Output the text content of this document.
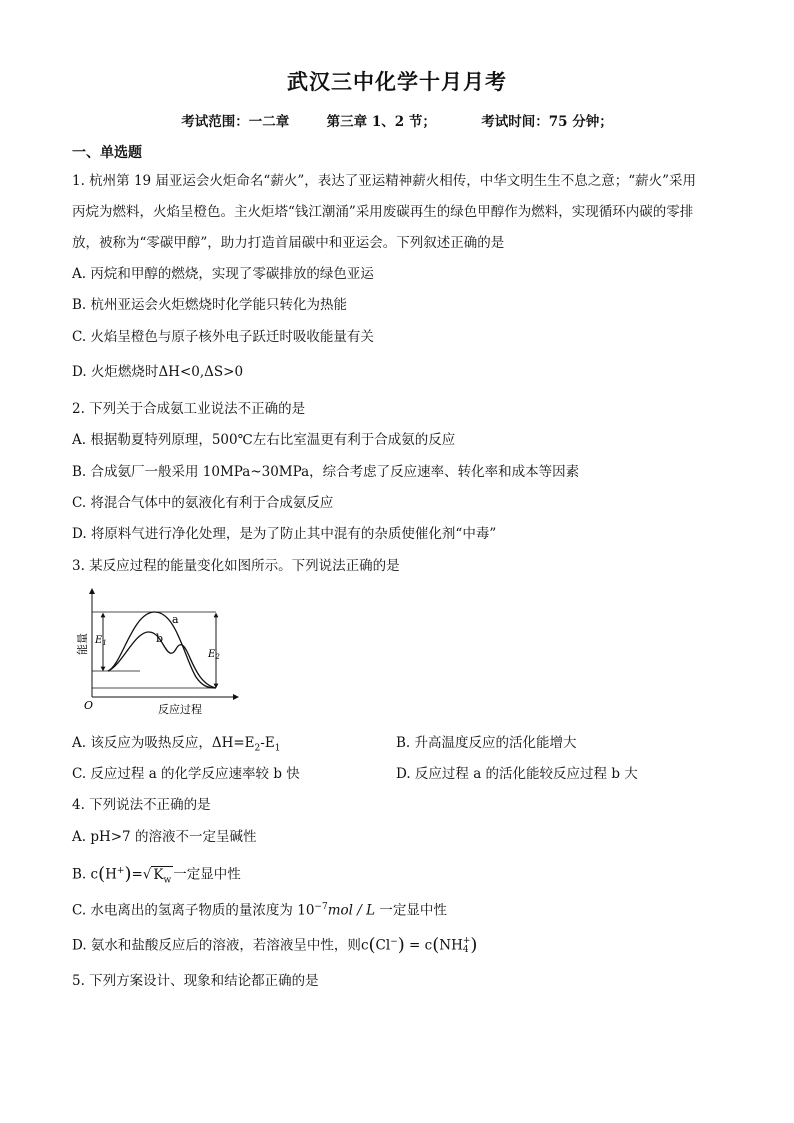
武汉三中化学十月月考
考试范围：一二章	第三章 1、2 节；	考试时间：75 分钟；
一、单选题
1. 杭州第 19 届亚运会火炬命名“薪火”，表达了亚运精神薪火相传，中华文明生生不息之意；“薪火”采用
丙烷为燃料，火焰呈橙色。主火炬塔“钱江潮涌”采用废碳再生的绿色甲醇作为燃料，实现循环内碳的零排
放，被称为“零碳甲醇”，助力打造首届碳中和亚运会。下列叙述正确的是
A. 丙烷和甲醇的燃烧，实现了零碳排放的绿色亚运
B. 杭州亚运会火炬燃烧时化学能只转化为热能
C. 火焰呈橙色与原子核外电子跃迁时吸收能量有关
D. 火炬燃烧时ΔH<0,ΔS>0
2. 下列关于合成氨工业说法不正确的是
A. 根据勒夏特列原理，500℃左右比室温更有利于合成氨的反应
B. 合成氨厂一般采用 10MPa~30MPa，综合考虑了反应速率、转化率和成本等因素
C. 将混合气体中的氨液化有利于合成氨反应
D. 将原料气进行净化处理，是为了防止其中混有的杂质使催化剂“中毒”
3. 某反应过程的能量变化如图所示。下列说法正确的是
能量 $E_1$
$E_2$
a
b
O	反应过程
A. 该反应为吸热反应，$\Delta H=E_2-E_1$	B. 升高温度反应的活化能增大
C. 反应过程 a 的化学反应速率较 b 快	D. 反应过程 a 的活化能较反应过程 b 大
4. 下列说法不正确的是
A. pH>7 的溶液不一定呈碱性
B. c(H+)=√ $K_w$ 一定显中性
C. 水电离出的氢离子物质的量浓度为 $10^{-7}mol$ / L 一定显中性
D. 氨水和盐酸反应后的溶液，若溶液呈中性，则c(Cl−) = c(NH +
4 )
5. 下列方案设计、现象和结论都正确的是
